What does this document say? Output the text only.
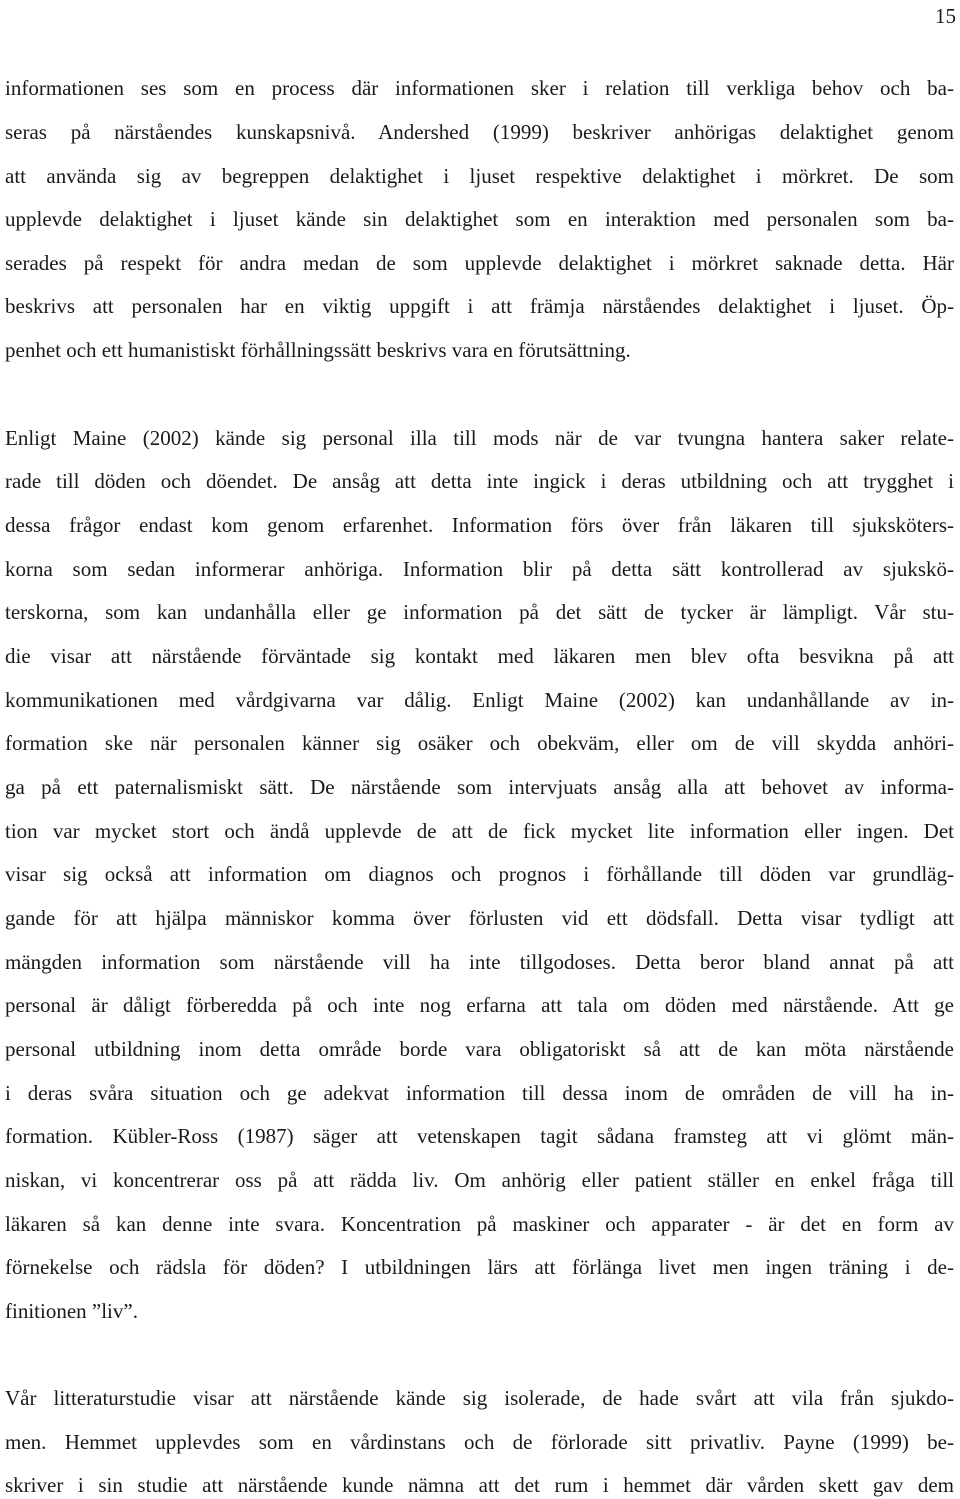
15
informationen ses som en process där informationen sker i relation till verkliga behov och ba-
seras på närståendes kunskapsnivå. Andershed (1999) beskriver anhörigas delaktighet genom
att använda sig av begreppen delaktighet i ljuset respektive delaktighet i mörkret. De som
upplevde delaktighet i ljuset kände sin delaktighet som en interaktion med personalen som ba-
serades på respekt för andra medan de som upplevde delaktighet i mörkret saknade detta. Här
beskrivs att personalen har en viktig uppgift i att främja närståendes delaktighet i ljuset. Öp-
penhet och ett humanistiskt förhållningssätt beskrivs vara en förutsättning.
Enligt Maine (2002) kände sig personal illa till mods när de var tvungna hantera saker relate-
rade till döden och döendet. De ansåg att detta inte ingick i deras utbildning och att trygghet i
dessa frågor endast kom genom erfarenhet. Information förs över från läkaren till sjuksköters-
korna som sedan informerar anhöriga. Information blir på detta sätt kontrollerad av sjukskö-
terskorna, som kan undanhålla eller ge information på det sätt de tycker är lämpligt. Vår stu-
die visar att närstående förväntade sig kontakt med läkaren men blev ofta besvikna på att
kommunikationen med vårdgivarna var dålig. Enligt Maine (2002) kan undanhållande av in-
formation ske när personalen känner sig osäker och obekväm, eller om de vill skydda anhöri-
ga på ett paternalismiskt sätt. De närstående som intervjuats ansåg alla att behovet av informa-
tion var mycket stort och ändå upplevde de att de fick mycket lite information eller ingen. Det
visar sig också att information om diagnos och prognos i förhållande till döden var grundläg-
gande för att hjälpa människor komma över förlusten vid ett dödsfall. Detta visar tydligt att
mängden information som närstående vill ha inte tillgodoses. Detta beror bland annat på att
personal är dåligt förberedda på och inte nog erfarna att tala om döden med närstående. Att ge
personal utbildning inom detta område borde vara obligatoriskt så att de kan möta närstående
i deras svåra situation och ge adekvat information till dessa inom de områden de vill ha in-
formation. Kübler-Ross (1987) säger att vetenskapen tagit sådana framsteg att vi glömt män-
niskan, vi koncentrerar oss på att rädda liv. Om anhörig eller patient ställer en enkel fråga till
läkaren så kan denne inte svara. Koncentration på maskiner och apparater - är det en form av
förnekelse och rädsla för döden? I utbildningen lärs att förlänga livet men ingen träning i de-
finitionen ”liv”.
Vår litteraturstudie visar att närstående kände sig isolerade, de hade svårt att vila från sjukdo-
men. Hemmet upplevdes som en vårdinstans och de förlorade sitt privatliv. Payne (1999) be-
skriver i sin studie att närstående kunde nämna att det rum i hemmet där vården skett gav dem
